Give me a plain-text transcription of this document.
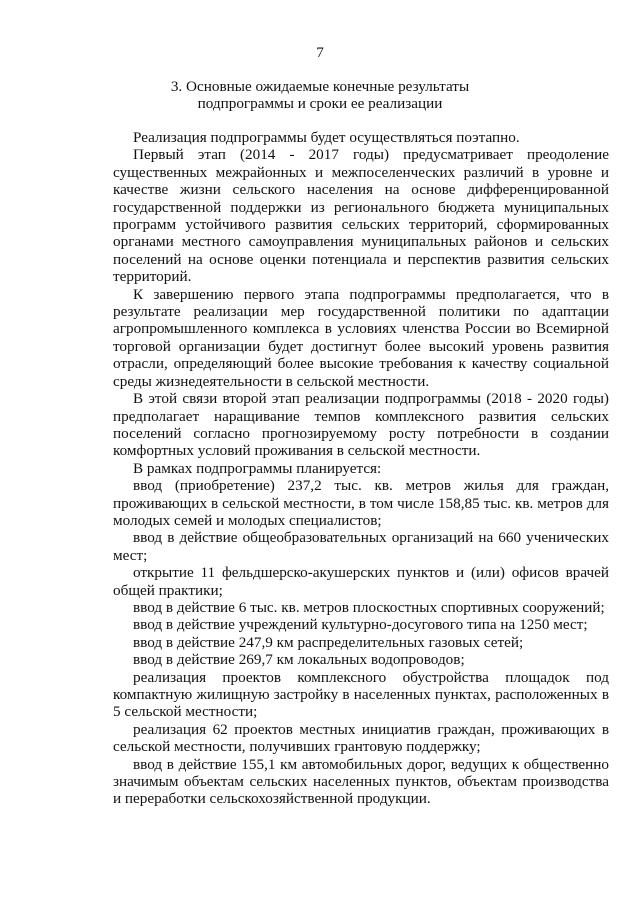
7
3. Основные ожидаемые конечные результаты
подпрограммы и сроки ее реализации

Реализация подпрограммы будет осуществляться поэтапно.

Первый этап (2014 - 2017 годы) предусматривает преодоление существенных межрайонных и межпоселенческих различий в уровне и качестве жизни сельского населения на основе дифференцированной государственной поддержки из регионального бюджета муниципальных программ устойчивого развития сельских территорий, сформированных органами местного самоуправления муниципальных районов и сельских поселений на основе оценки потенциала и перспектив развития сельских территорий.

К завершению первого этапа подпрограммы предполагается, что в результате реализации мер государственной политики по адаптации агропромышленного комплекса в условиях членства России во Всемирной торговой организации будет достигнут более высокий уровень развития отрасли, определяющий более высокие требования к качеству социальной среды жизнедеятельности в сельской местности.

В этой связи второй этап реализации подпрограммы (2018 - 2020 годы) предполагает наращивание темпов комплексного развития сельских поселений согласно прогнозируемому росту потребности в создании комфортных условий проживания в сельской местности.

В рамках подпрограммы планируется:

ввод (приобретение) 237,2 тыс. кв. метров жилья для граждан, проживающих в сельской местности, в том числе 158,85 тыс. кв. метров для молодых семей и молодых специалистов;

ввод в действие общеобразовательных организаций на 660 ученических мест;

открытие 11 фельдшерско-акушерских пунктов и (или) офисов врачей общей практики;

ввод в действие 6 тыс. кв. метров плоскостных спортивных сооружений;

ввод в действие учреждений культурно-досугового типа на 1250 мест;

ввод в действие 247,9 км распределительных газовых сетей;

ввод в действие 269,7 км локальных водопроводов;

реализация проектов комплексного обустройства площадок под компактную жилищную застройку в населенных пунктах, расположенных в 5 сельской местности;

реализация 62 проектов местных инициатив граждан, проживающих в сельской местности, получивших грантовую поддержку;

ввод в действие 155,1 км автомобильных дорог, ведущих к общественно значимым объектам сельских населенных пунктов, объектам производства и переработки сельскохозяйственной продукции.
